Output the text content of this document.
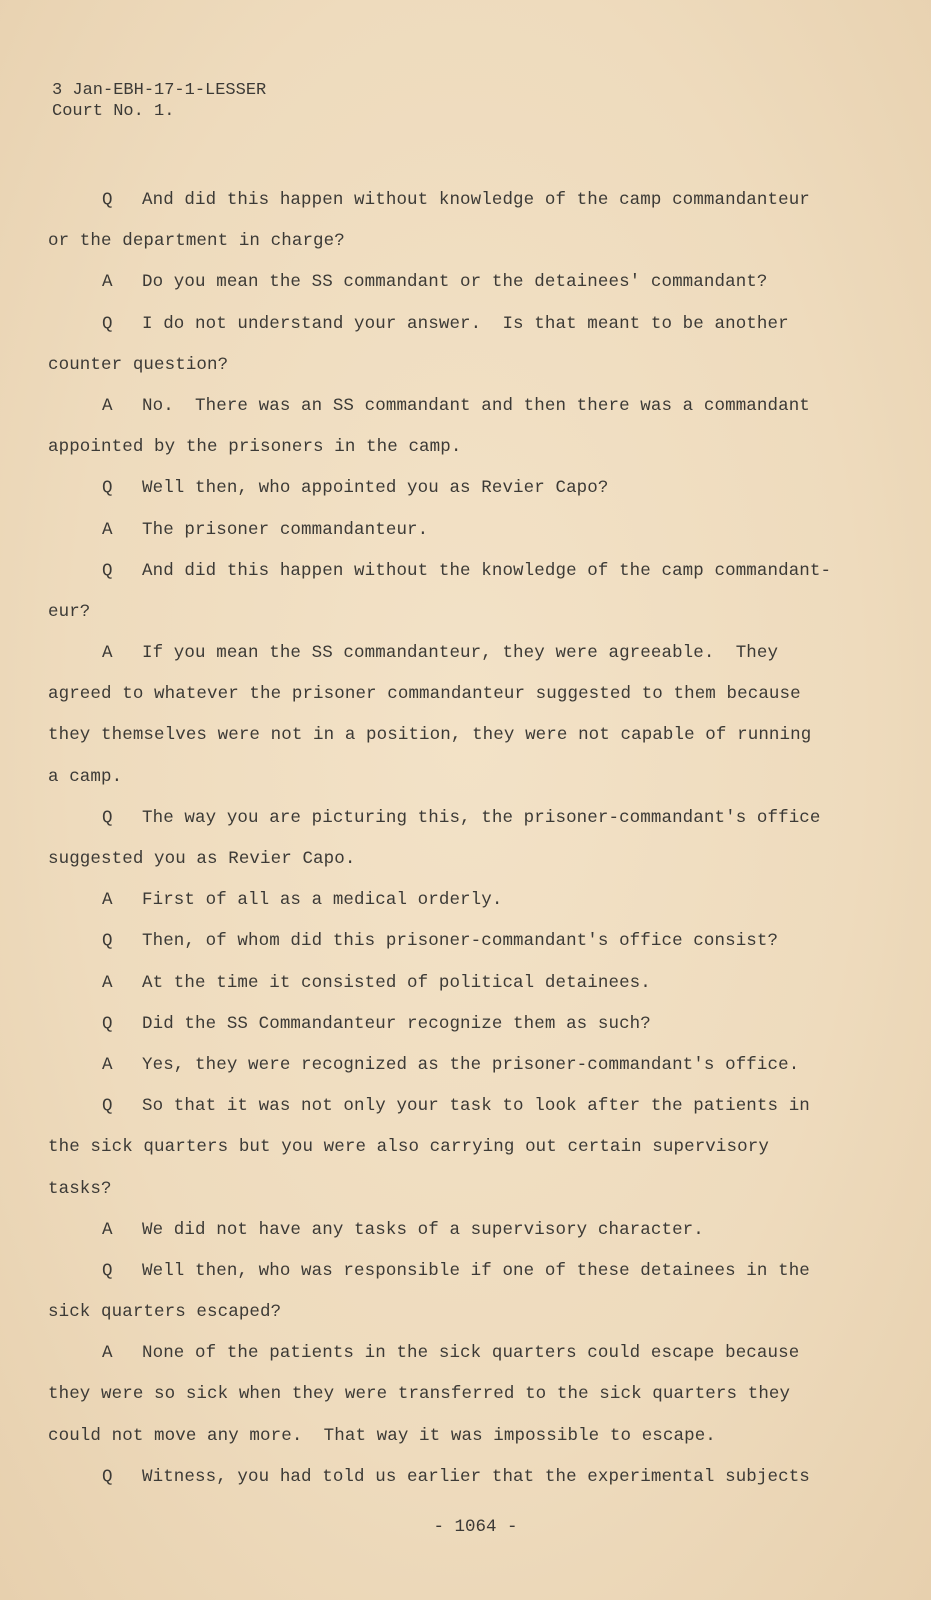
3 Jan-EBH-17-1-LESSER
Court No. 1.
Q And did this happen without knowledge of the camp commandanteur
or the department in charge?
A Do you mean the SS commandant or the detainees' commandant?
Q I do not understand your answer.  Is that meant to be another
counter question?
A No.  There was an SS commandant and then there was a commandant
appointed by the prisoners in the camp.
Q Well then, who appointed you as Revier Capo?
A The prisoner commandanteur.
Q And did this happen without the knowledge of the camp commandant-
eur?
A If you mean the SS commandanteur, they were agreeable.  They
agreed to whatever the prisoner commandanteur suggested to them because
they themselves were not in a position, they were not capable of running
a camp.
Q The way you are picturing this, the prisoner-commandant's office
suggested you as Revier Capo.
A First of all as a medical orderly.
Q Then, of whom did this prisoner-commandant's office consist?
A At the time it consisted of political detainees.
Q Did the SS Commandanteur recognize them as such?
A Yes, they were recognized as the prisoner-commandant's office.
Q So that it was not only your task to look after the patients in
the sick quarters but you were also carrying out certain supervisory
tasks?
A We did not have any tasks of a supervisory character.
Q Well then, who was responsible if one of these detainees in the
sick quarters escaped?
A None of the patients in the sick quarters could escape because
they were so sick when they were transferred to the sick quarters they
could not move any more.  That way it was impossible to escape.
Q Witness, you had told us earlier that the experimental subjects
- 1064 -
